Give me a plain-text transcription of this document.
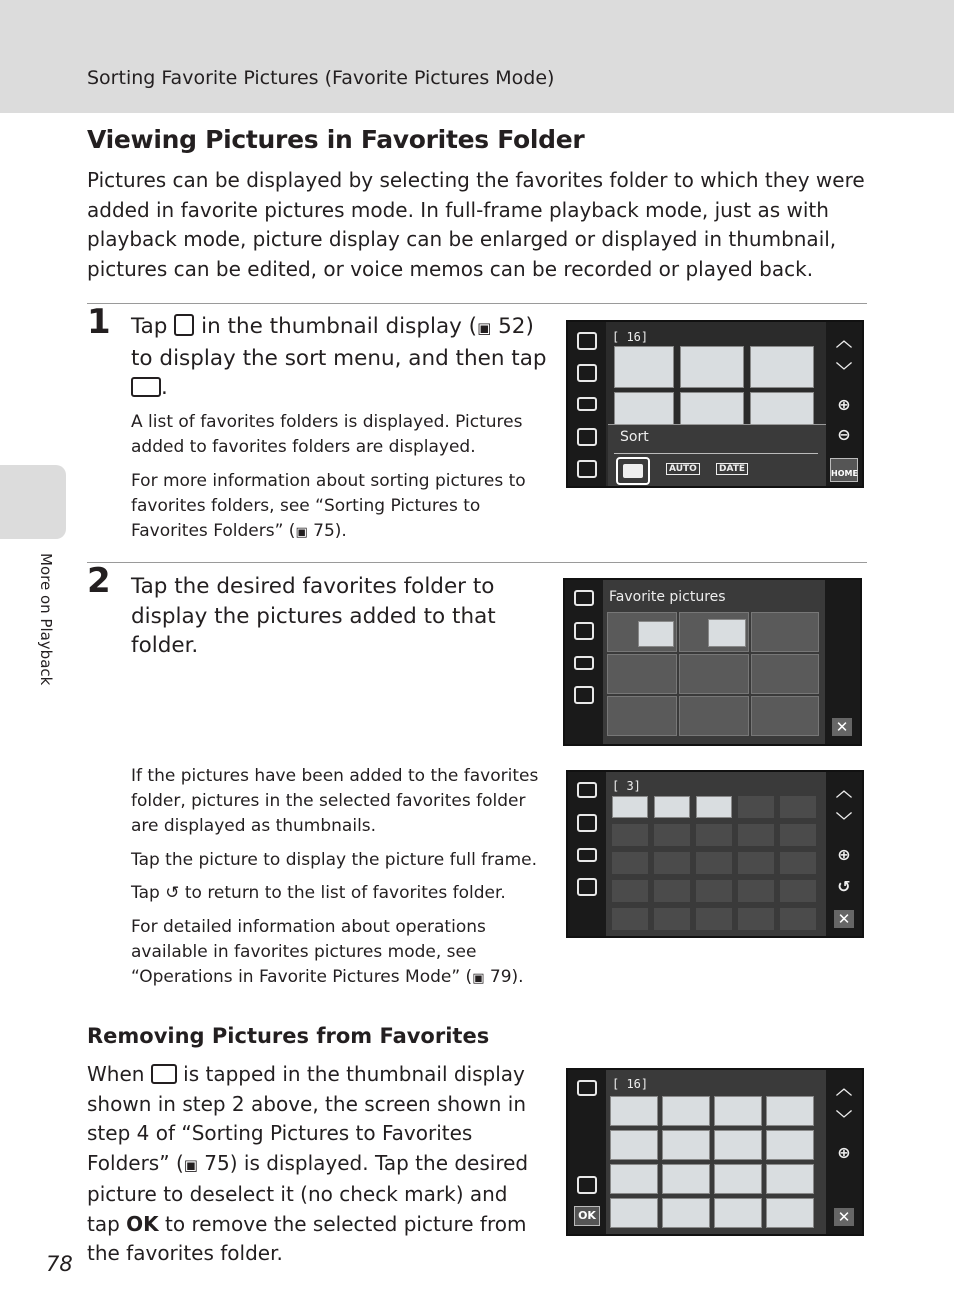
Sorting Favorite Pictures (Favorite Pictures Mode)
More on Playback
Viewing Pictures in Favorites Folder
Pictures can be displayed by selecting the favorites folder to which they were added in favorite pictures mode. In full-frame playback mode, just as with playback mode, picture display can be enlarged or displayed in thumbnail, pictures can be edited, or voice memos can be recorded or played back.
1 Tap in the thumbnail display (▣ 52) to display the sort menu, and then tap .
A list of favorites folders is displayed. Pictures added to favorites folders are displayed.
For more information about sorting pictures to favorites folders, see “Sorting Pictures to Favorites Folders” (▣ 75).
[ 16]
Sort
AUTO	DATE
︿
﹀
⊕
⊖
HOME
2 Tap the desired favorites folder to display the pictures added to that folder.
Favorite pictures
✕
If the pictures have been added to the favorites folder, pictures in the selected favorites folder are displayed as thumbnails.
Tap the picture to display the picture full frame.
Tap ↺ to return to the list of favorites folder.
For detailed information about operations available in favorites pictures mode, see “Operations in Favorite Pictures Mode” (▣ 79).
[ 3]	︿
﹀
⊕
↺
✕
Removing Pictures from Favorites
When is tapped in the thumbnail display shown in step 2 above, the screen shown in step 4 of “Sorting Pictures to Favorites Folders” (▣ 75) is displayed. Tap the desired picture to deselect it (no check mark) and tap OK to remove the selected picture from the favorites folder.
OK
[ 16]	︿
﹀
⊕
✕
78
